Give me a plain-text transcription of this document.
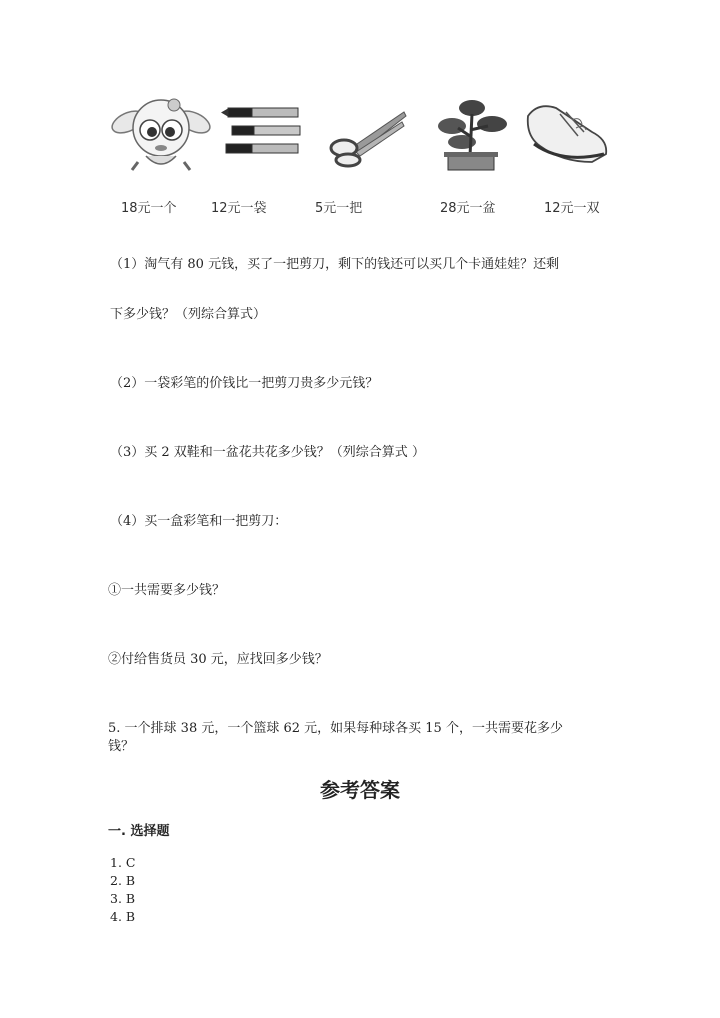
18元一个	12元一袋	5元一把	28元一盆	12元一双
（1）淘气有 80 元钱，买了一把剪刀，剩下的钱还可以买几个卡通娃娃？还剩
下多少钱？（列综合算式）
（2）一袋彩笔的价钱比一把剪刀贵多少元钱？
（3）买 2 双鞋和一盆花共花多少钱？（列综合算式 ）
（4）买一盒彩笔和一把剪刀：
①一共需要多少钱？
②付给售货员 30 元，应找回多少钱？
5. 一个排球 38 元，一个篮球 62 元，如果每种球各买 15 个，一共需要花多少
钱？
参考答案
一. 选择题
1. C
2. B
3. B
4. B
